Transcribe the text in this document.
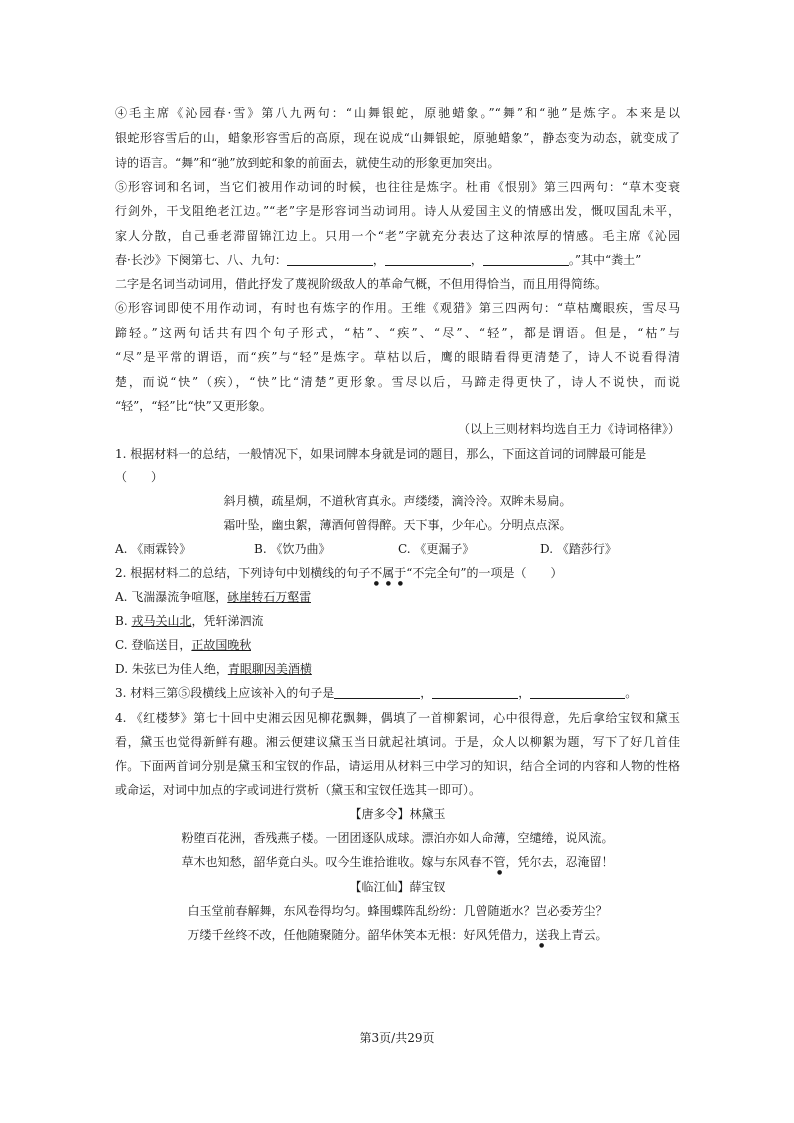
④毛主席《沁园春·雪》第八九两句：“山舞银蛇，原驰蜡象。”“舞”和“驰”是炼字。本来是以
银蛇形容雪后的山，蜡象形容雪后的高原，现在说成“山舞银蛇，原驰蜡象”，静态变为动态，就变成了
诗的语言。“舞”和“驰”放到蛇和象的前面去，就使生动的形象更加突出。
⑤形容词和名词，当它们被用作动词的时候，也往往是炼字。杜甫《恨别》第三四两句：“草木变衰
行剑外，干戈阻绝老江边。”“老”字是形容词当动词用。诗人从爱国主义的情感出发，慨叹国乱未平，
家人分散，自己垂老滞留锦江边上。只用一个“老”字就充分表达了这种浓厚的情感。毛主席《沁园
春·长沙》下阕第七、八、九句：	，	，	。”其中“粪土”
二字是名词当动词用，借此抒发了蔑视阶级敌人的革命气概，不但用得恰当，而且用得简练。
⑥形容词即使不用作动词，有时也有炼字的作用。王维《观猎》第三四两句：“草枯鹰眼疾，雪尽马
蹄轻。”这两句话共有四个句子形式，“枯”、“疾”、“尽”、“轻”，都是谓语。但是，“枯”与
“尽”是平常的谓语，而“疾”与“轻”是炼字。草枯以后，鹰的眼睛看得更清楚了，诗人不说看得清
楚，而说“快”（疾），“快”比“清楚”更形象。雪尽以后，马蹄走得更快了，诗人不说快，而说
“轻”，“轻”比“快”又更形象。
（以上三则材料均选自王力《诗词格律》）
1. 根据材料一的总结，一般情况下，如果词牌本身就是词的题目，那么，下面这首词的词牌最可能是
（　　）
斜月横，疏星炯，不道秋宵真永。声缕缕，滴泠泠。双眸未易扃。
霜叶坠，幽虫絮，薄酒何曾得醉。天下事，少年心。分明点点深。
A. 《雨霖铃》	B. 《饮乃曲》	C. 《更漏子》	D. 《踏莎行》
2. 根据材料二的总结，下列诗句中划横线的句子不属于“不完全句”的一项是（　　）
A. 飞湍瀑流争喧豗，砯崖转石万壑雷
B. 戎马关山北，凭轩涕泗流
C. 登临送目，正故国晚秋
D. 朱弦已为佳人绝，青眼聊因美酒横
3. 材料三第⑤段横线上应该补入的句子是	，	，	。
4. 《红楼梦》第七十回中史湘云因见柳花飘舞，偶填了一首柳絮词，心中很得意，先后拿给宝钗和黛玉
看，黛玉也觉得新鲜有趣。湘云便建议黛玉当日就起社填词。于是，众人以柳絮为题，写下了好几首佳
作。下面两首词分别是黛玉和宝钗的作品，请运用从材料三中学习的知识，结合全词的内容和人物的性格
或命运，对词中加点的字或词进行赏析（黛玉和宝钗任选其一即可）。
【唐多令】林黛玉
粉堕百花洲，香残燕子楼。一团团逐队成球。漂泊亦如人命薄，空缱绻，说风流。
草木也知愁，韶华竟白头。叹今生谁拾谁收。嫁与东风春不管，凭尔去，忍淹留！
【临江仙】薛宝钗
白玉堂前春解舞，东风卷得均匀。蜂围蝶阵乱纷纷：几曾随逝水？岂必委芳尘？
万缕千丝终不改，任他随聚随分。韶华休笑本无根：好风凭借力，送我上青云。
第3页/共29页
